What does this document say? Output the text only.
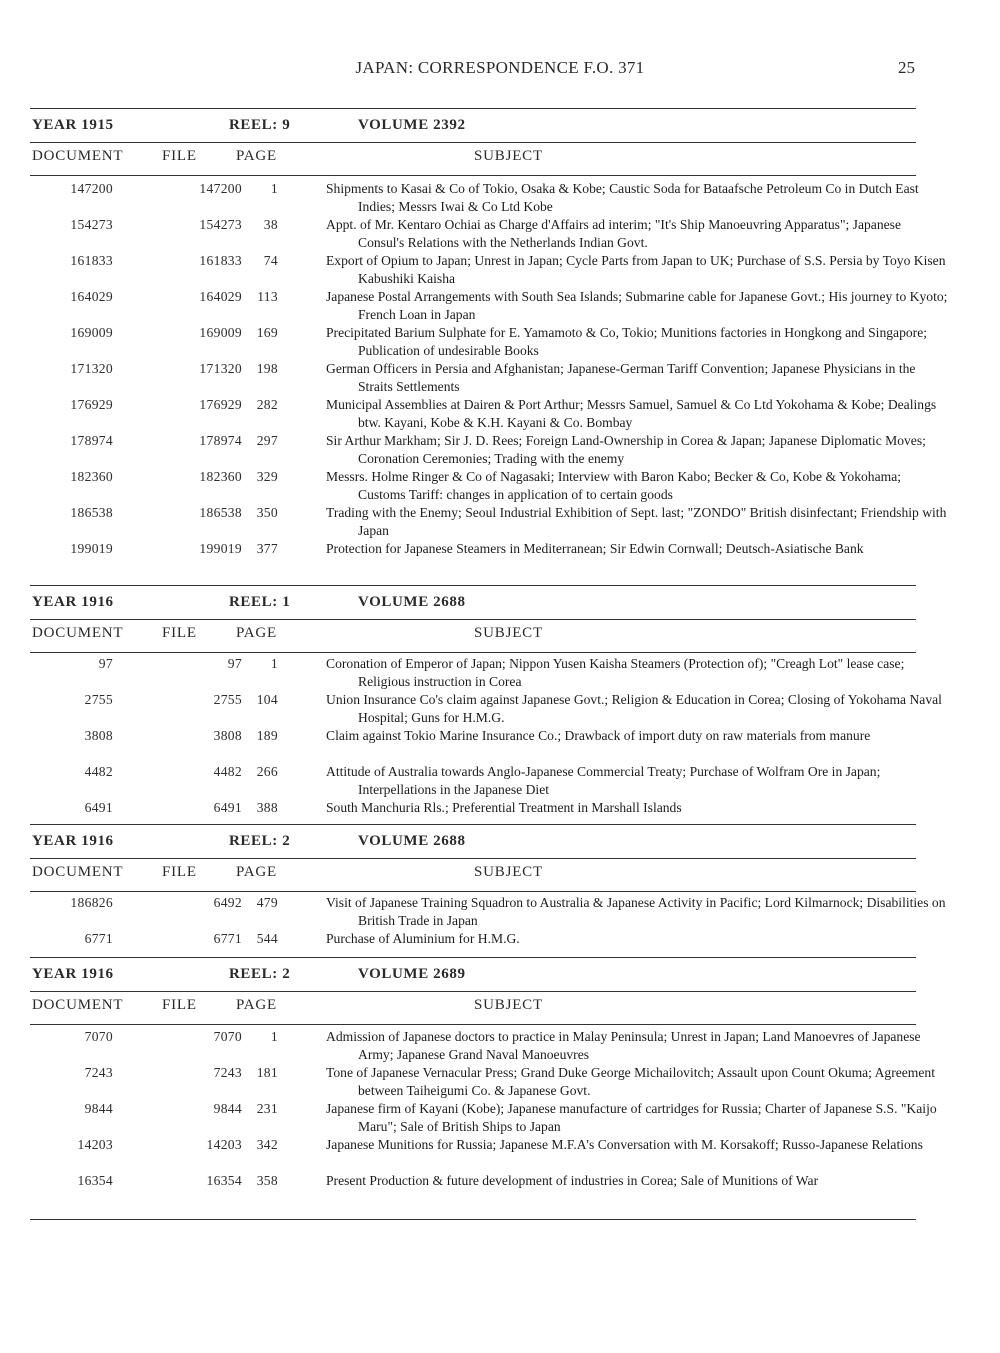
JAPAN: CORRESPONDENCE F.O. 371	25
YEAR 1915	REEL: 9	VOLUME 2392
DOCUMENT	FILE	PAGE	SUBJECT
147200	147200	1	Shipments to Kasai & Co of Tokio, Osaka & Kobe; Caustic Soda for Bataafsche Petroleum Co in Dutch East Indies; Messrs Iwai & Co Ltd Kobe
154273	154273	38	Appt. of Mr. Kentaro Ochiai as Charge d'Affairs ad interim; "It's Ship Manoeuvring Apparatus"; Japanese Consul's Relations with the Netherlands Indian Govt.
161833	161833	74	Export of Opium to Japan; Unrest in Japan; Cycle Parts from Japan to UK; Purchase of S.S. Persia by Toyo Kisen Kabushiki Kaisha
164029	164029	113	Japanese Postal Arrangements with South Sea Islands; Submarine cable for Japanese Govt.; His journey to Kyoto; French Loan in Japan
169009	169009	169	Precipitated Barium Sulphate for E. Yamamoto & Co, Tokio; Munitions factories in Hongkong and Singapore; Publication of undesirable Books
171320	171320	198	German Officers in Persia and Afghanistan; Japanese-German Tariff Convention; Japanese Physicians in the Straits Settlements
176929	176929	282	Municipal Assemblies at Dairen & Port Arthur; Messrs Samuel, Samuel & Co Ltd Yokohama & Kobe; Dealings btw. Kayani, Kobe & K.H. Kayani & Co. Bombay
178974	178974	297	Sir Arthur Markham; Sir J. D. Rees; Foreign Land-Ownership in Corea & Japan; Japanese Diplomatic Moves; Coronation Ceremonies; Trading with the enemy
182360	182360	329	Messrs. Holme Ringer & Co of Nagasaki; Interview with Baron Kabo; Becker & Co, Kobe & Yokohama; Customs Tariff: changes in application of to certain goods
186538	186538	350	Trading with the Enemy; Seoul Industrial Exhibition of Sept. last; "ZONDO" British disinfectant; Friendship with Japan
199019	199019	377	Protection for Japanese Steamers in Mediterranean; Sir Edwin Cornwall; Deutsch-Asiatische Bank
YEAR 1916	REEL: 1	VOLUME 2688
DOCUMENT	FILE	PAGE	SUBJECT
97	97	1	Coronation of Emperor of Japan; Nippon Yusen Kaisha Steamers (Protection of); "Creagh Lot" lease case; Religious instruction in Corea
2755	2755	104	Union Insurance Co's claim against Japanese Govt.; Religion & Education in Corea; Closing of Yokohama Naval Hospital; Guns for H.M.G.
3808	3808	189	Claim against Tokio Marine Insurance Co.; Drawback of import duty on raw materials from manure
4482	4482	266	Attitude of Australia towards Anglo-Japanese Commercial Treaty; Purchase of Wolfram Ore in Japan; Interpellations in the Japanese Diet
6491	6491	388	South Manchuria Rls.; Preferential Treatment in Marshall Islands
YEAR 1916	REEL: 2	VOLUME 2688
DOCUMENT	FILE	PAGE	SUBJECT
186826	6492	479	Visit of Japanese Training Squadron to Australia & Japanese Activity in Pacific; Lord Kilmarnock; Disabilities on British Trade in Japan
6771	6771	544	Purchase of Aluminium for H.M.G.
YEAR 1916	REEL: 2	VOLUME 2689
DOCUMENT	FILE	PAGE	SUBJECT
7070	7070	1	Admission of Japanese doctors to practice in Malay Peninsula; Unrest in Japan; Land Manoevres of Japanese Army; Japanese Grand Naval Manoeuvres
7243	7243	181	Tone of Japanese Vernacular Press; Grand Duke George Michailovitch; Assault upon Count Okuma; Agreement between Taiheigumi Co. & Japanese Govt.
9844	9844	231	Japanese firm of Kayani (Kobe); Japanese manufacture of cartridges for Russia; Charter of Japanese S.S. "Kaijo Maru"; Sale of British Ships to Japan
14203	14203	342	Japanese Munitions for Russia; Japanese M.F.A's Conversation with M. Korsakoff; Russo-Japanese Relations
16354	16354	358	Present Production & future development of industries in Corea; Sale of Munitions of War
